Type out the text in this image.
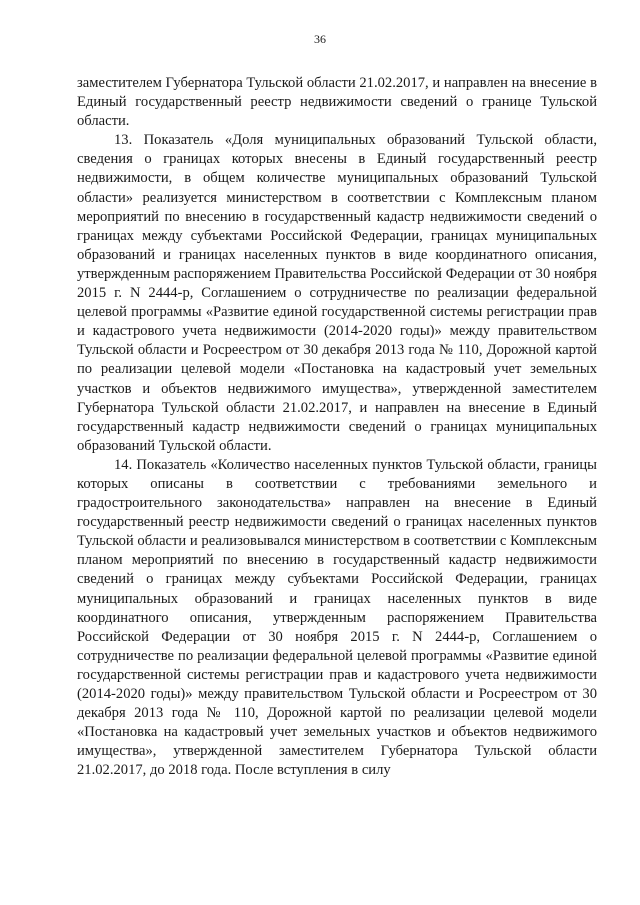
36

заместителем Губернатора Тульской области 21.02.2017, и направлен на внесение в Единый государственный реестр недвижимости сведений о границе Тульской области.

13. Показатель «Доля муниципальных образований Тульской области, сведения о границах которых внесены в Единый государственный реестр недвижимости, в общем количестве муниципальных образований Тульской области» реализуется министерством в соответствии с Комплексным планом мероприятий по внесению в государственный кадастр недвижимости сведений о границах между субъектами Российской Федерации, границах муниципальных образований и границах населенных пунктов в виде координатного описания, утвержденным распоряжением Правительства Российской Федерации от 30 ноября 2015 г. N 2444-р, Соглашением о сотрудничестве по реализации федеральной целевой программы «Развитие единой государственной системы регистрации прав и кадастрового учета недвижимости (2014-2020 годы)» между правительством Тульской области и Росреестром от 30 декабря 2013 года № 110, Дорожной картой по реализации целевой модели «Постановка на кадастровый учет земельных участков и объектов недвижимого имущества», утвержденной заместителем Губернатора Тульской области 21.02.2017, и направлен на внесение в Единый государственный кадастр недвижимости сведений о границах муниципальных образований Тульской области.

14. Показатель «Количество населенных пунктов Тульской области, границы которых описаны в соответствии с требованиями земельного и градостроительного законодательства» направлен на внесение в Единый государственный реестр недвижимости сведений о границах населенных пунктов Тульской области и реализовывался министерством в соответствии с Комплексным планом мероприятий по внесению в государственный кадастр недвижимости сведений о границах между субъектами Российской Федерации, границах муниципальных образований и границах населенных пунктов в виде координатного описания, утвержденным распоряжением Правительства Российской Федерации от 30 ноября 2015 г. N 2444-р, Соглашением о сотрудничестве по реализации федеральной целевой программы «Развитие единой государственной системы регистрации прав и кадастрового учета недвижимости (2014-2020 годы)» между правительством Тульской области и Росреестром от 30 декабря 2013 года № 110, Дорожной картой по реализации целевой модели «Постановка на кадастровый учет земельных участков и объектов недвижимого имущества», утвержденной заместителем Губернатора Тульской области 21.02.2017, до 2018 года. После вступления в силу
